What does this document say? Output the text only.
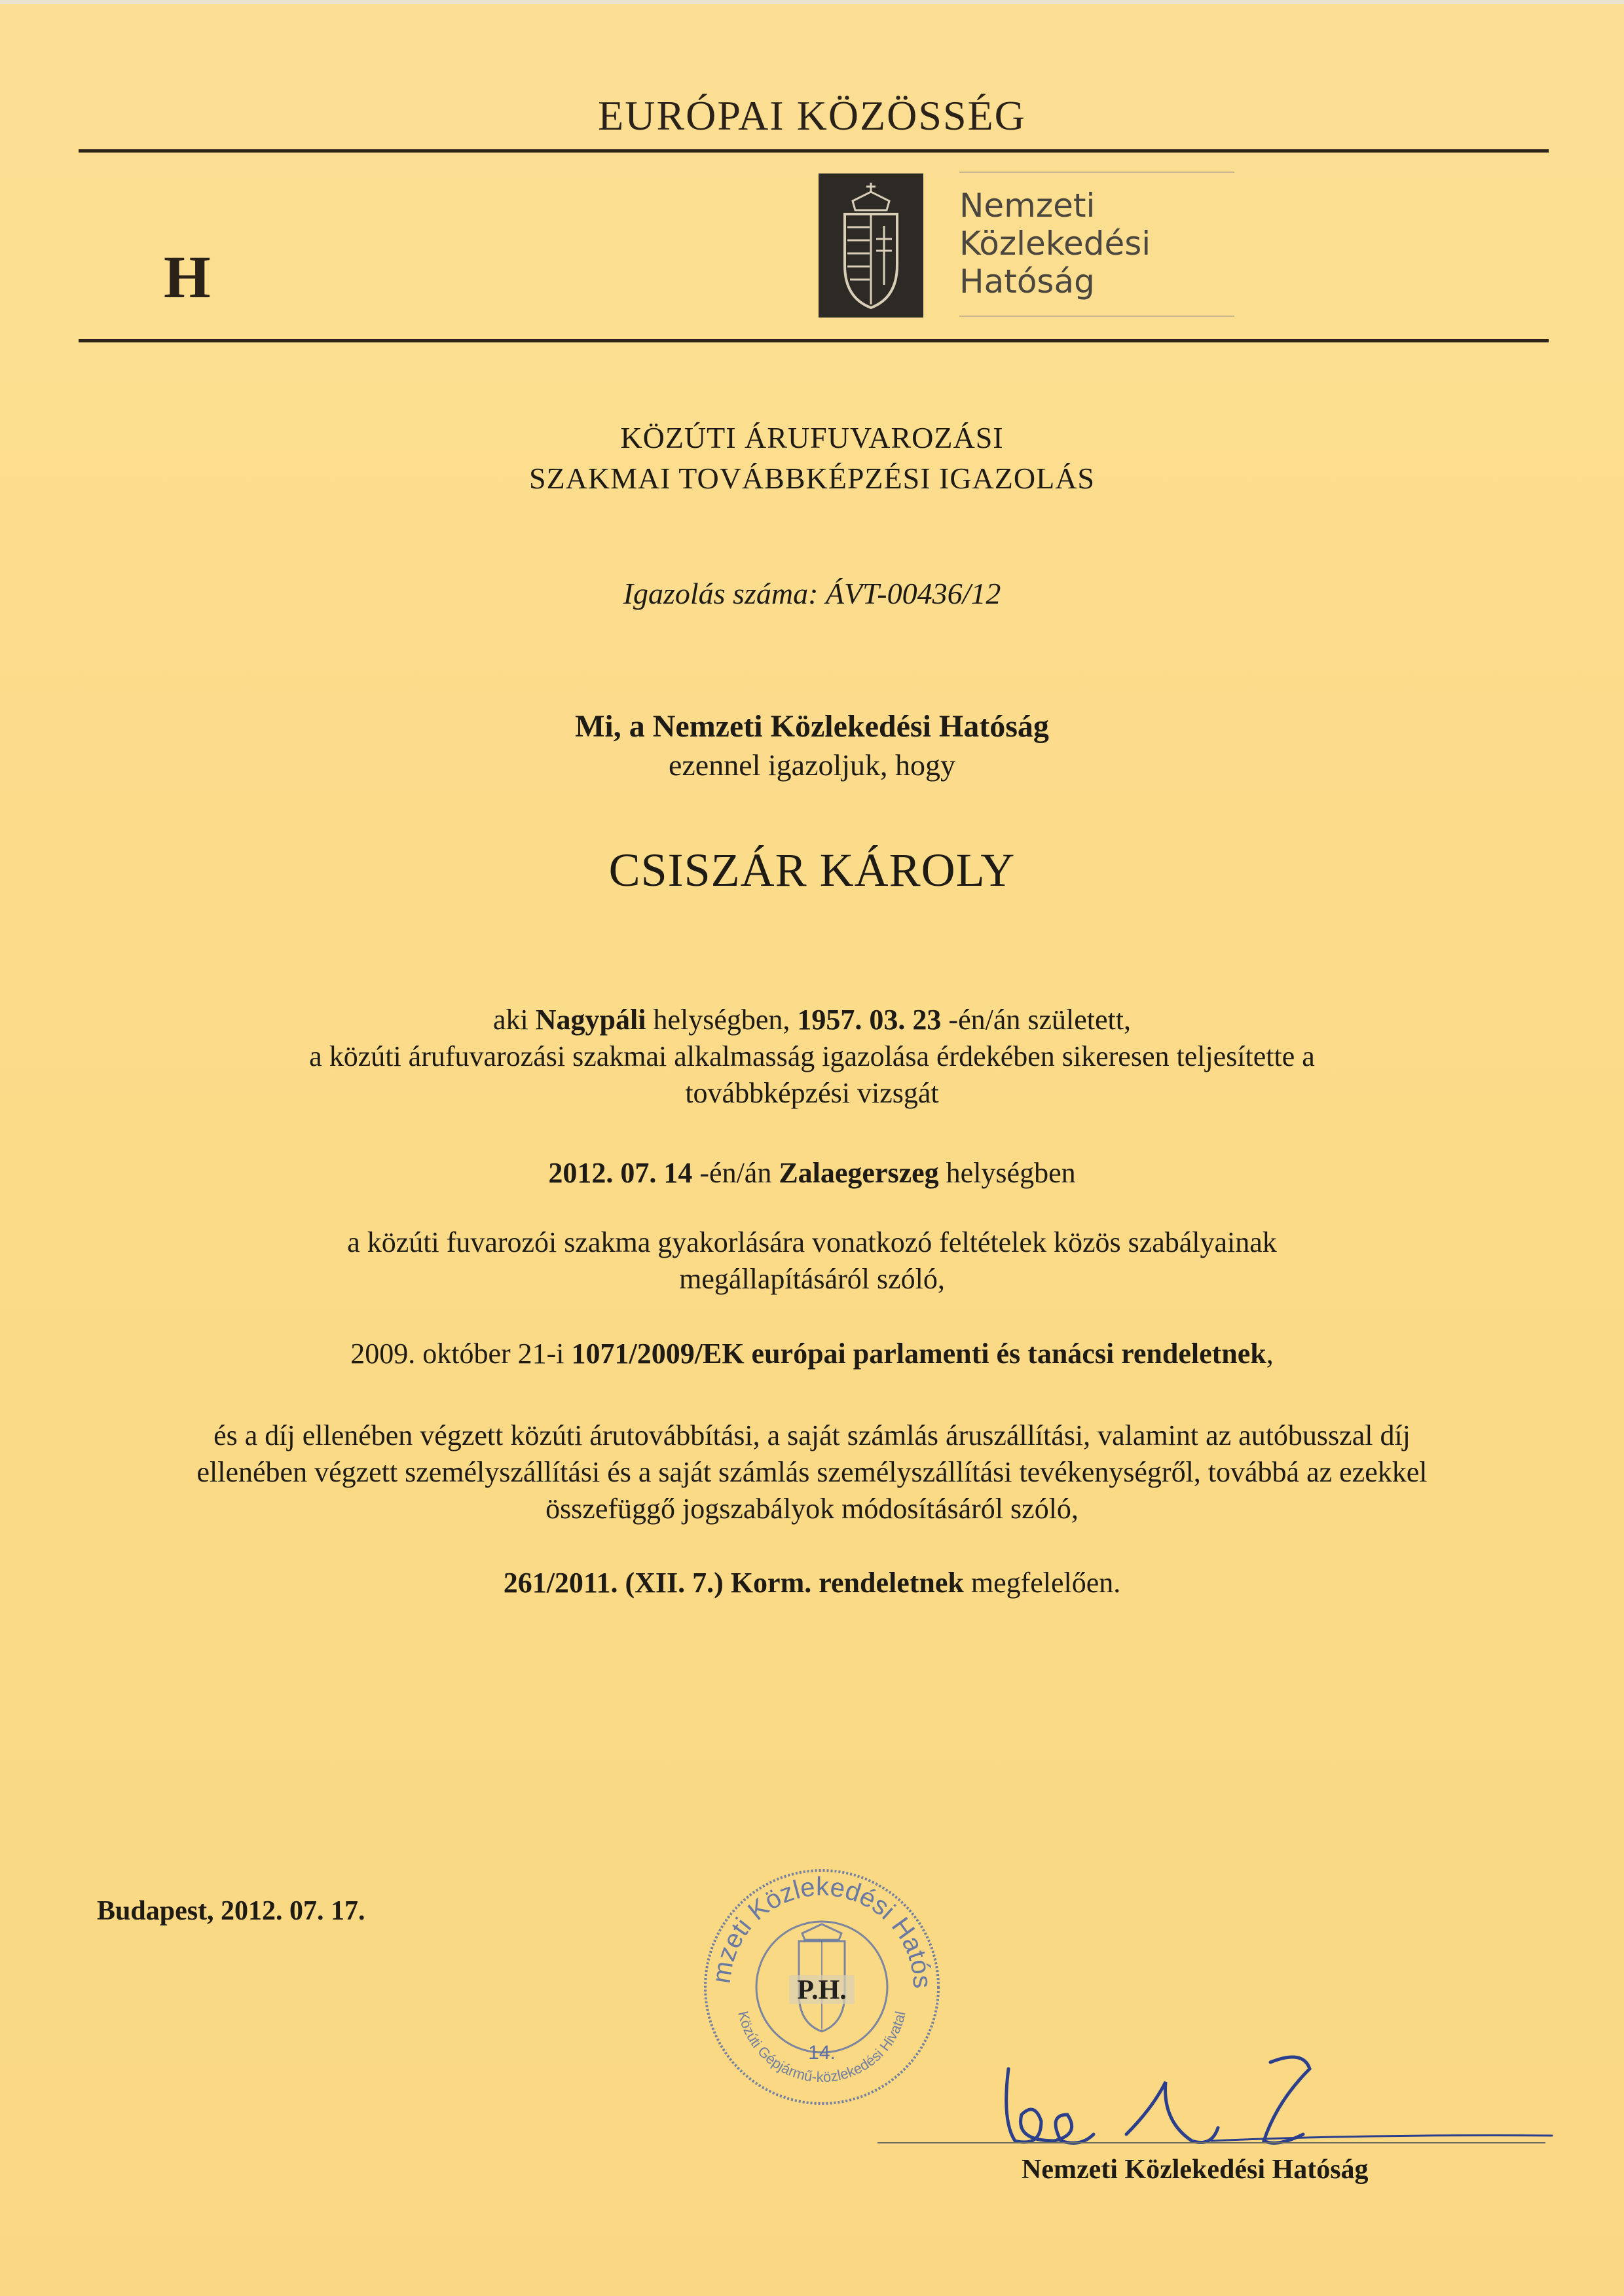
EURÓPAI KÖZÖSSÉG
H
Nemzeti
Közlekedési
Hatóság
KÖZÚTI ÁRUFUVAROZÁSI
SZAKMAI TOVÁBBKÉPZÉSI IGAZOLÁS
Igazolás száma: ÁVT-00436/12
Mi, a Nemzeti Közlekedési Hatóság
ezennel igazoljuk, hogy
CSISZÁR KÁROLY
aki Nagypáli helységben, 1957. 03. 23 -én/án született,
a közúti árufuvarozási szakmai alkalmasság igazolása érdekében sikeresen teljesítette a
továbbképzési vizsgát
2012. 07. 14 -én/án Zalaegerszeg helységben
a közúti fuvarozói szakma gyakorlására vonatkozó feltételek közös szabályainak
megállapításáról szóló,
2009. október 21-i 1071/2009/EK európai parlamenti és tanácsi rendeletnek,
és a díj ellenében végzett közúti árutovábbítási, a saját számlás áruszállítási, valamint az autóbusszal díj
ellenében végzett személyszállítási és a saját számlás személyszállítási tevékenységről, továbbá az ezekkel
összefüggő jogszabályok módosításáról szóló,
261/2011. (XII. 7.) Korm. rendeletnek megfelelően.
Budapest, 2012. 07. 17.
mzeti Közlekedési Hatós
Közúti Gépjármű-közlekedési Hivatal
P.H.
14.
Nemzeti Közlekedési Hatóság
